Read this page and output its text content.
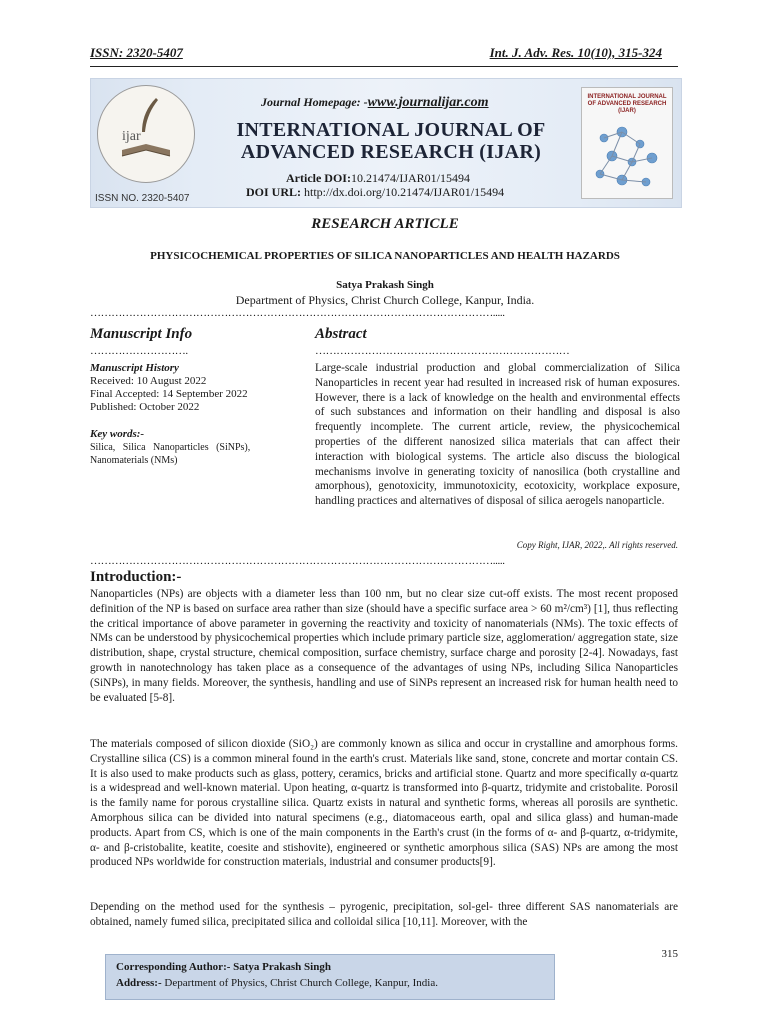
ISSN: 2320-5407	Int. J. Adv. Res. 10(10), 315-324
ijar
ISSN NO. 2320-5407
Journal Homepage: -www.journalijar.com
INTERNATIONAL JOURNAL OF
ADVANCED RESEARCH (IJAR)
Article DOI:10.21474/IJAR01/15494
DOI URL: http://dx.doi.org/10.21474/IJAR01/15494
INTERNATIONAL JOURNAL OF ADVANCED RESEARCH (IJAR)
RESEARCH ARTICLE
PHYSICOCHEMICAL PROPERTIES OF SILICA NANOPARTICLES AND HEALTH HAZARDS
Satya Prakash Singh
Department of Physics, Christ Church College, Kanpur, India.
…………………………………………………………………………………………………….....
Manuscript Info	Abstract
……………………….	………………………………………………………………
Manuscript History
Received: 10 August 2022
Final Accepted: 14 September 2022
Published: October 2022
Key words:-
Silica,   Silica   Nanoparticles   (SiNPs),
Nanomaterials (NMs)
Large-scale industrial production and global commercialization of Silica Nanoparticles in recent year had resulted in increased risk of human exposures. However, there is a lack of knowledge on the health and environmental effects of such substances and information on their handling and disposal is also frequently incomplete. The current article, review, the physicochemical properties of the different nanosized silica materials that can affect their interaction with biological systems. The article also discuss the biological mechanisms involve in generating toxicity of nanosilica (both crystalline and amorphous), genotoxicity, immunotoxicity, ecotoxicity, workplace exposure, handling practices and alternatives of disposal of silica aerogels nanoparticle.
Copy Right, IJAR, 2022,. All rights reserved.
…………………………………………………………………………………………………….....
Introduction:-
Nanoparticles (NPs) are objects with a diameter less than 100 nm, but no clear size cut-off exists. The most recent proposed definition of the NP is based on surface area rather than size (should have a specific surface area > 60 m²/cm³) [1], thus reflecting the critical importance of above parameter in governing the reactivity and toxicity of nanomaterials (NMs). The toxic effects of NMs can be understood by physicochemical properties which include primary particle size, agglomeration/ aggregation state, size distribution, shape, crystal structure, chemical composition, surface chemistry, surface charge and porosity [2-4]. Nowadays, fast growth in nanotechnology has taken place as a consequence of the advantages of using NPs, including Silica Nanoparticles (SiNPs), in many fields. Moreover, the synthesis, handling and use of SiNPs represent an increased risk for human health need to be evaluated [5-8].
The materials composed of silicon dioxide (SiO₂) are commonly known as silica and occur in crystalline and amorphous forms. Crystalline silica (CS) is a common mineral found in the earth's crust. Materials like sand, stone, concrete and mortar contain CS. It is also used to make products such as glass, pottery, ceramics, bricks and artificial stone. Quartz and more specifically α-quartz is a widespread and well-known material. Upon heating, α-quartz is transformed into β-quartz, tridymite and cristobalite. Porosil is the family name for porous crystalline silica. Quartz exists in natural and synthetic forms, whereas all porosils are synthetic. Amorphous silica can be divided into natural specimens (e.g., diatomaceous earth, opal and silica glass) and human-made products. Apart from CS, which is one of the main components in the Earth's crust (in the forms of α- and β-quartz, α-tridymite, α- and β-cristobalite, keatite, coesite and stishovite), engineered or synthetic amorphous silica (SAS) NPs are among the most produced NPs worldwide for construction materials, industrial and consumer products[9].
Depending on the method used for the synthesis – pyrogenic, precipitation, sol-gel- three different SAS nanomaterials are obtained, namely fumed silica, precipitated silica and colloidal silica [10,11]. Moreover, with the
315
Corresponding Author:- Satya Prakash Singh
Address:- Department of Physics, Christ Church College, Kanpur, India.
